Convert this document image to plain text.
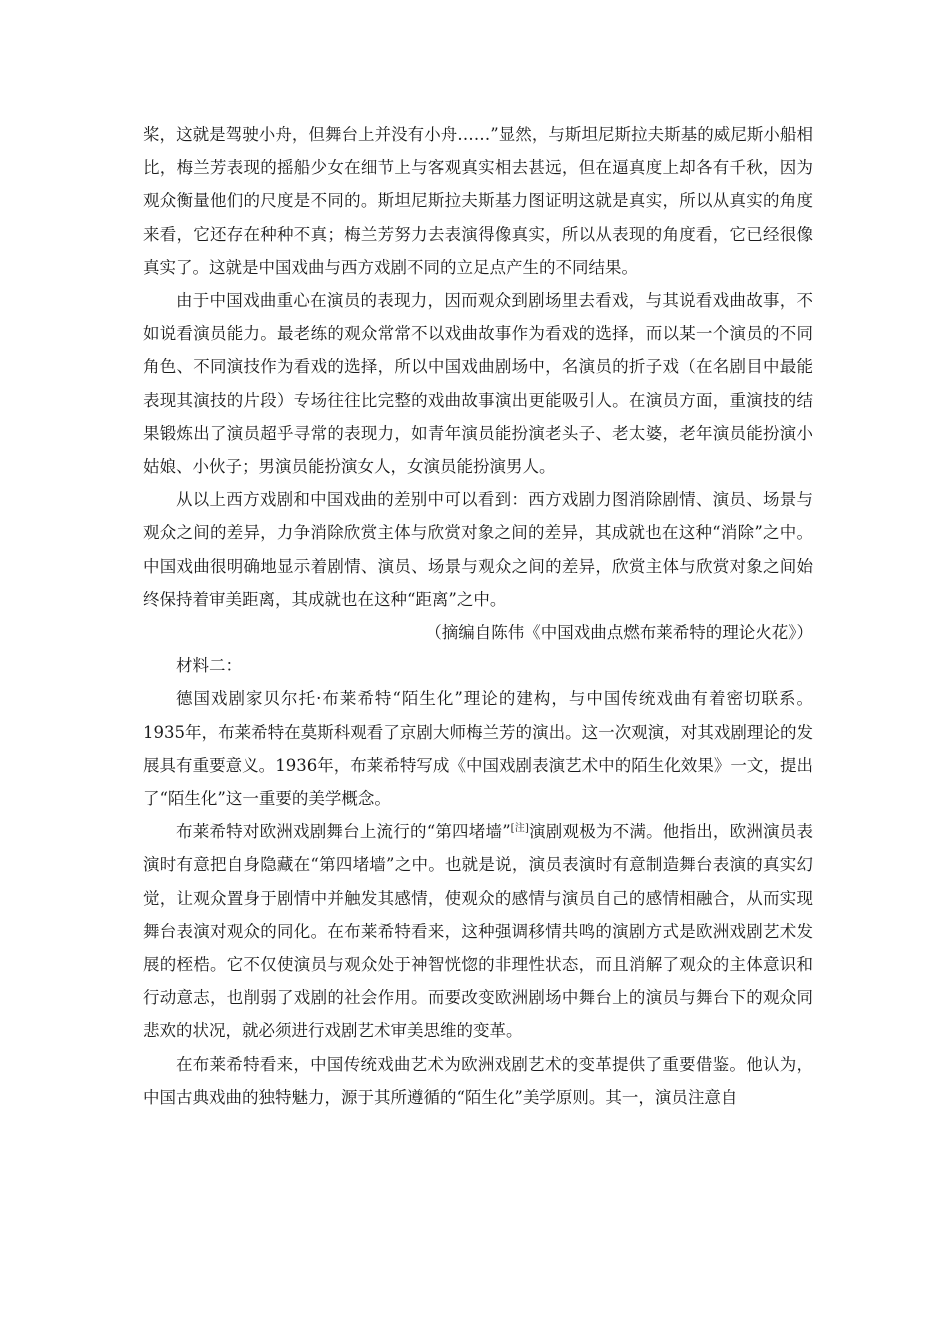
桨，这就是驾驶小舟，但舞台上并没有小舟……”显然，与斯坦尼斯拉夫斯基的威尼斯小船相比，梅兰芳表现的摇船少女在细节上与客观真实相去甚远，但在逼真度上却各有千秋，因为观众衡量他们的尺度是不同的。斯坦尼斯拉夫斯基力图证明这就是真实，所以从真实的角度来看，它还存在种种不真；梅兰芳努力去表演得像真实，所以从表现的角度看，它已经很像真实了。这就是中国戏曲与西方戏剧不同的立足点产生的不同结果。

由于中国戏曲重心在演员的表现力，因而观众到剧场里去看戏，与其说看戏曲故事，不如说看演员能力。最老练的观众常常不以戏曲故事作为看戏的选择，而以某一个演员的不同角色、不同演技作为看戏的选择，所以中国戏曲剧场中，名演员的折子戏（在名剧目中最能表现其演技的片段）专场往往比完整的戏曲故事演出更能吸引人。在演员方面，重演技的结果锻炼出了演员超乎寻常的表现力，如青年演员能扮演老头子、老太婆，老年演员能扮演小姑娘、小伙子；男演员能扮演女人，女演员能扮演男人。

从以上西方戏剧和中国戏曲的差别中可以看到：西方戏剧力图消除剧情、演员、场景与观众之间的差异，力争消除欣赏主体与欣赏对象之间的差异，其成就也在这种“消除”之中。中国戏曲很明确地显示着剧情、演员、场景与观众之间的差异，欣赏主体与欣赏对象之间始终保持着审美距离，其成就也在这种“距离”之中。

（摘编自陈伟《中国戏曲点燃布莱希特的理论火花》）

材料二：

德国戏剧家贝尔托·布莱希特“陌生化”理论的建构，与中国传统戏曲有着密切联系。1935年，布莱希特在莫斯科观看了京剧大师梅兰芳的演出。这一次观演，对其戏剧理论的发展具有重要意义。1936年，布莱希特写成《中国戏剧表演艺术中的陌生化效果》一文，提出了“陌生化”这一重要的美学概念。

布莱希特对欧洲戏剧舞台上流行的“第四堵墙”[注]演剧观极为不满。他指出，欧洲演员表演时有意把自身隐藏在“第四堵墙”之中。也就是说，演员表演时有意制造舞台表演的真实幻觉，让观众置身于剧情中并触发其感情，使观众的感情与演员自己的感情相融合，从而实现舞台表演对观众的同化。在布莱希特看来，这种强调移情共鸣的演剧方式是欧洲戏剧艺术发展的桎梏。它不仅使演员与观众处于神智恍惚的非理性状态，而且消解了观众的主体意识和行动意志，也削弱了戏剧的社会作用。而要改变欧洲剧场中舞台上的演员与舞台下的观众同悲欢的状况，就必须进行戏剧艺术审美思维的变革。

在布莱希特看来，中国传统戏曲艺术为欧洲戏剧艺术的变革提供了重要借鉴。他认为，中国古典戏曲的独特魅力，源于其所遵循的“陌生化”美学原则。其一，演员注意自
